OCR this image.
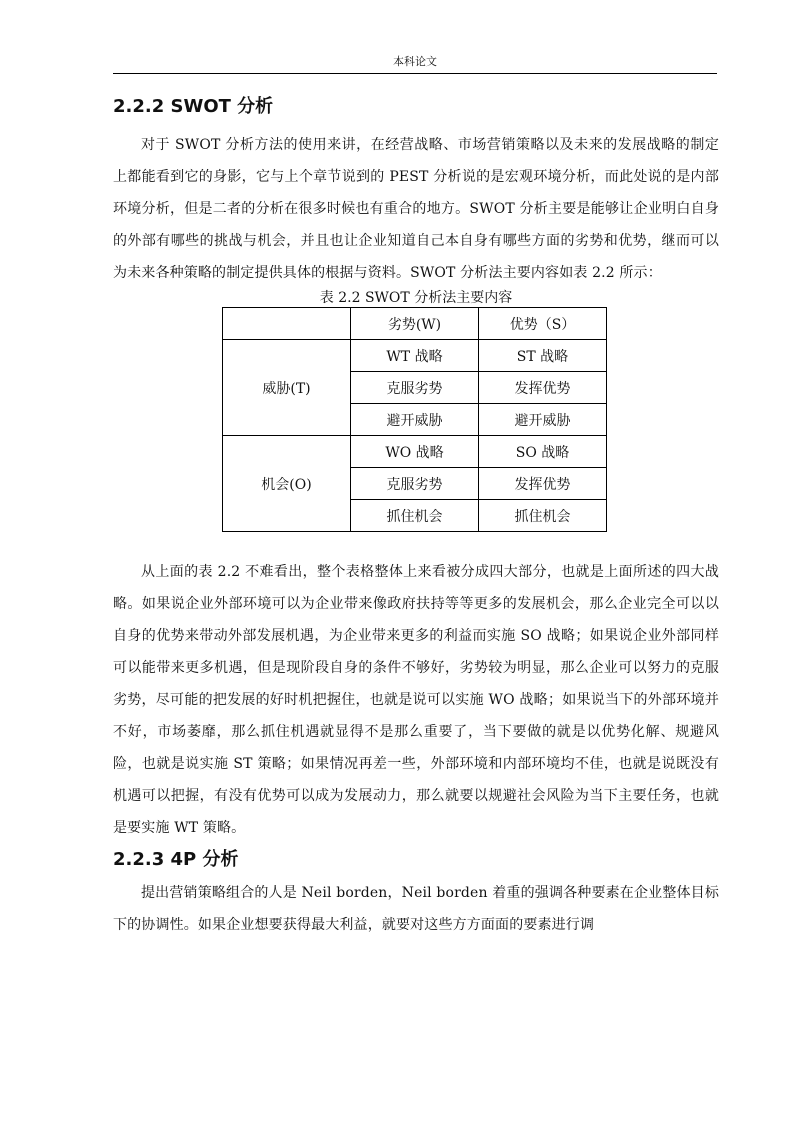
本科论文
2.2.2 SWOT 分析

对于 SWOT 分析方法的使用来讲，在经营战略、市场营销策略以及未来的发展战略的制定上都能看到它的身影，它与上个章节说到的 PEST 分析说的是宏观环境分析，而此处说的是内部环境分析，但是二者的分析在很多时候也有重合的地方。SWOT 分析主要是能够让企业明白自身的外部有哪些的挑战与机会，并且也让企业知道自己本自身有哪些方面的劣势和优势，继而可以为未来各种策略的制定提供具体的根据与资料。SWOT 分析法主要内容如表 2.2 所示：

表 2.2 SWOT 分析法主要内容
	劣势(W)	优势（S）
威胁(T)	WT 战略	ST 战略
	克服劣势	发挥优势
	避开威胁	避开威胁
机会(O)	WO 战略	SO 战略
	克服劣势	发挥优势
	抓住机会	抓住机会

从上面的表 2.2 不难看出，整个表格整体上来看被分成四大部分，也就是上面所述的四大战略。如果说企业外部环境可以为企业带来像政府扶持等等更多的发展机会，那么企业完全可以以自身的优势来带动外部发展机遇，为企业带来更多的利益而实施 SO 战略；如果说企业外部同样可以能带来更多机遇，但是现阶段自身的条件不够好，劣势较为明显，那么企业可以努力的克服劣势，尽可能的把发展的好时机把握住，也就是说可以实施 WO 战略；如果说当下的外部环境并不好，市场萎靡，那么抓住机遇就显得不是那么重要了，当下要做的就是以优势化解、规避风险，也就是说实施 ST 策略；如果情况再差一些，外部环境和内部环境均不佳，也就是说既没有机遇可以把握，有没有优势可以成为发展动力，那么就要以规避社会风险为当下主要任务，也就是要实施 WT 策略。

2.2.3 4P 分析

提出营销策略组合的人是 Neil borden，Neil borden 着重的强调各种要素在企业整体目标下的协调性。如果企业想要获得最大利益，就要对这些方方面面的要素进行调
